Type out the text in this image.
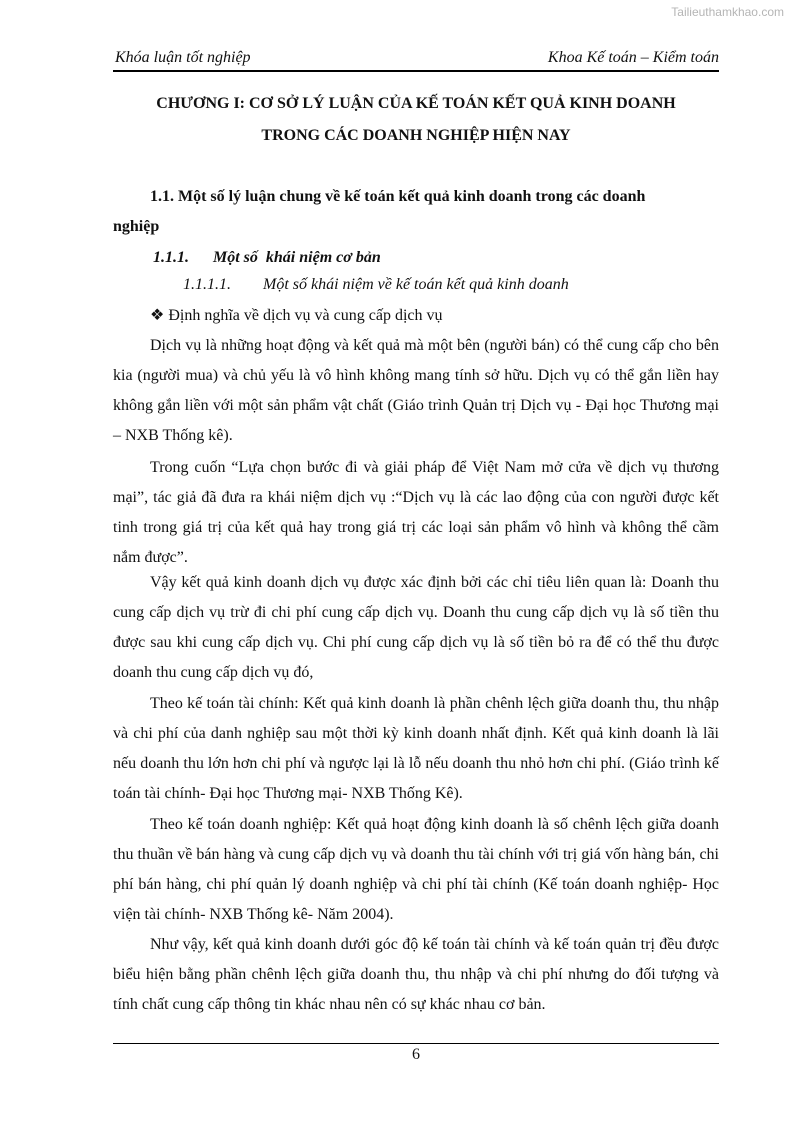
Tailieuthamkhao.com
Khóa luận tốt nghiệp	Khoa Kế toán – Kiểm toán
CHƯƠNG I: CƠ SỞ LÝ LUẬN CỦA KẾ TOÁN KẾT QUẢ KINH DOANH
TRONG CÁC DOANH NGHIỆP HIỆN NAY
1.1. Một số lý luận chung về kế toán kết quả kinh doanh trong các doanh
nghiệp
1.1.1.      Một số  khái niệm cơ bản
1.1.1.1.        Một số khái niệm về kế toán kết quả kinh doanh
❖ Định nghĩa về dịch vụ và cung cấp dịch vụ
Dịch vụ là những hoạt động và kết quả mà một bên (người bán) có thể cung cấp cho bên kia (người mua) và chủ yếu là vô hình không mang tính sở hữu. Dịch vụ có thể gắn liền hay không gắn liền với một sản phẩm vật chất (Giáo trình Quản trị Dịch vụ - Đại học Thương mại – NXB Thống kê).
Trong cuốn “Lựa chọn bước đi và giải pháp để Việt Nam mở cửa về dịch vụ thương mại”, tác giả đã đưa ra khái niệm dịch vụ :“Dịch vụ là các lao động của con người được kết tinh trong giá trị của kết quả hay trong giá trị các loại sản phẩm vô hình và không thể cầm nắm được”.
Vậy kết quả kinh doanh dịch vụ được xác định bởi các chỉ tiêu liên quan là: Doanh thu cung cấp dịch vụ trừ đi chi phí cung cấp dịch vụ. Doanh thu cung cấp dịch vụ là số tiền thu được sau khi cung cấp dịch vụ. Chi phí cung cấp dịch vụ là số tiền bỏ ra để có thể thu được doanh thu cung cấp dịch vụ đó,
Theo kế toán tài chính: Kết quả kinh doanh là phần chênh lệch giữa doanh thu, thu nhập và chi phí của danh nghiệp sau một thời kỳ kinh doanh nhất định. Kết quả kinh doanh là lãi nếu doanh thu lớn hơn chi phí và ngược lại là lỗ nếu doanh thu nhỏ hơn chi phí. (Giáo trình kế toán tài chính- Đại học Thương mại- NXB Thống Kê).
Theo kế toán doanh nghiệp: Kết quả hoạt động kinh doanh là số chênh lệch giữa doanh thu thuần về bán hàng và cung cấp dịch vụ và doanh thu tài chính với trị giá vốn hàng bán, chi phí bán hàng, chi phí quản lý doanh nghiệp và chi phí tài chính (Kế toán doanh nghiệp- Học viện tài chính- NXB Thống kê- Năm 2004).
Như vậy, kết quả kinh doanh dưới góc độ kế toán tài chính và kế toán quản trị đều được biểu hiện bằng phần chênh lệch giữa doanh thu, thu nhập và chi phí nhưng do đối tượng và tính chất cung cấp thông tin khác nhau nên có sự khác nhau cơ bản.
6
